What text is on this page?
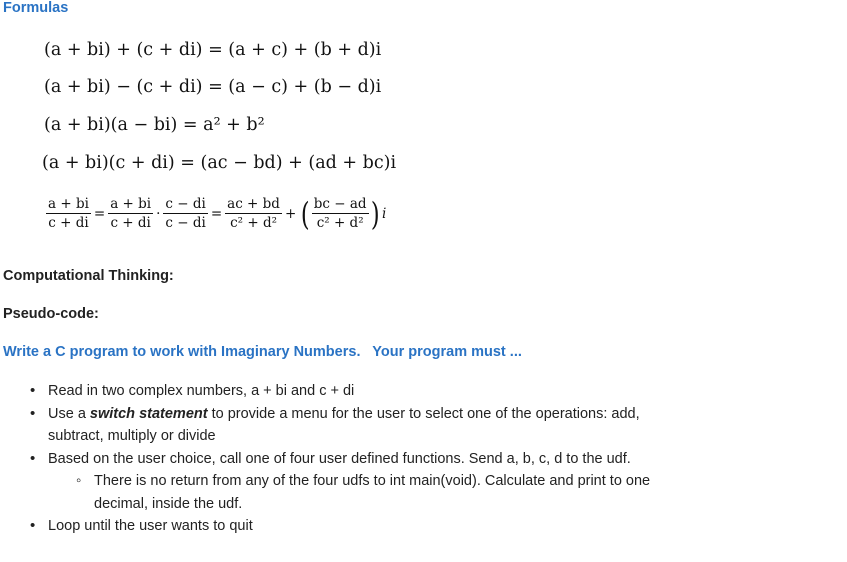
Formulas
(a + bi) + (c + di) = (a + c) + (b + d)i
(a + bi) − (c + di) = (a − c) + (b − d)i
(a + bi)(a − bi) = a² + b²
(a + bi)(c + di) = (ac − bd) + (ad + bc)i
$\frac{a + bi}{c + di} = \frac{a + bi}{c + di} \cdot \frac{c - di}{c - di} = \frac{ac + bd}{\text{c² + d²}}$ + ( $\frac{bc - ad}{\text{c² + d²}}$ ) i
Computational Thinking:
Pseudo-code:
Write a C program to work with Imaginary Numbers.   Your program must ...
• Read in two complex numbers, a + bi and c + di
• Use a switch statement to provide a menu for the user to select one of the operations: add, subtract, multiply or divide
• Based on the user choice, call one of four user defined functions. Send a, b, c, d to the udf.
◦ There is no return from any of the four udfs to int main(void). Calculate and print to one decimal, inside the udf.
• Loop until the user wants to quit
